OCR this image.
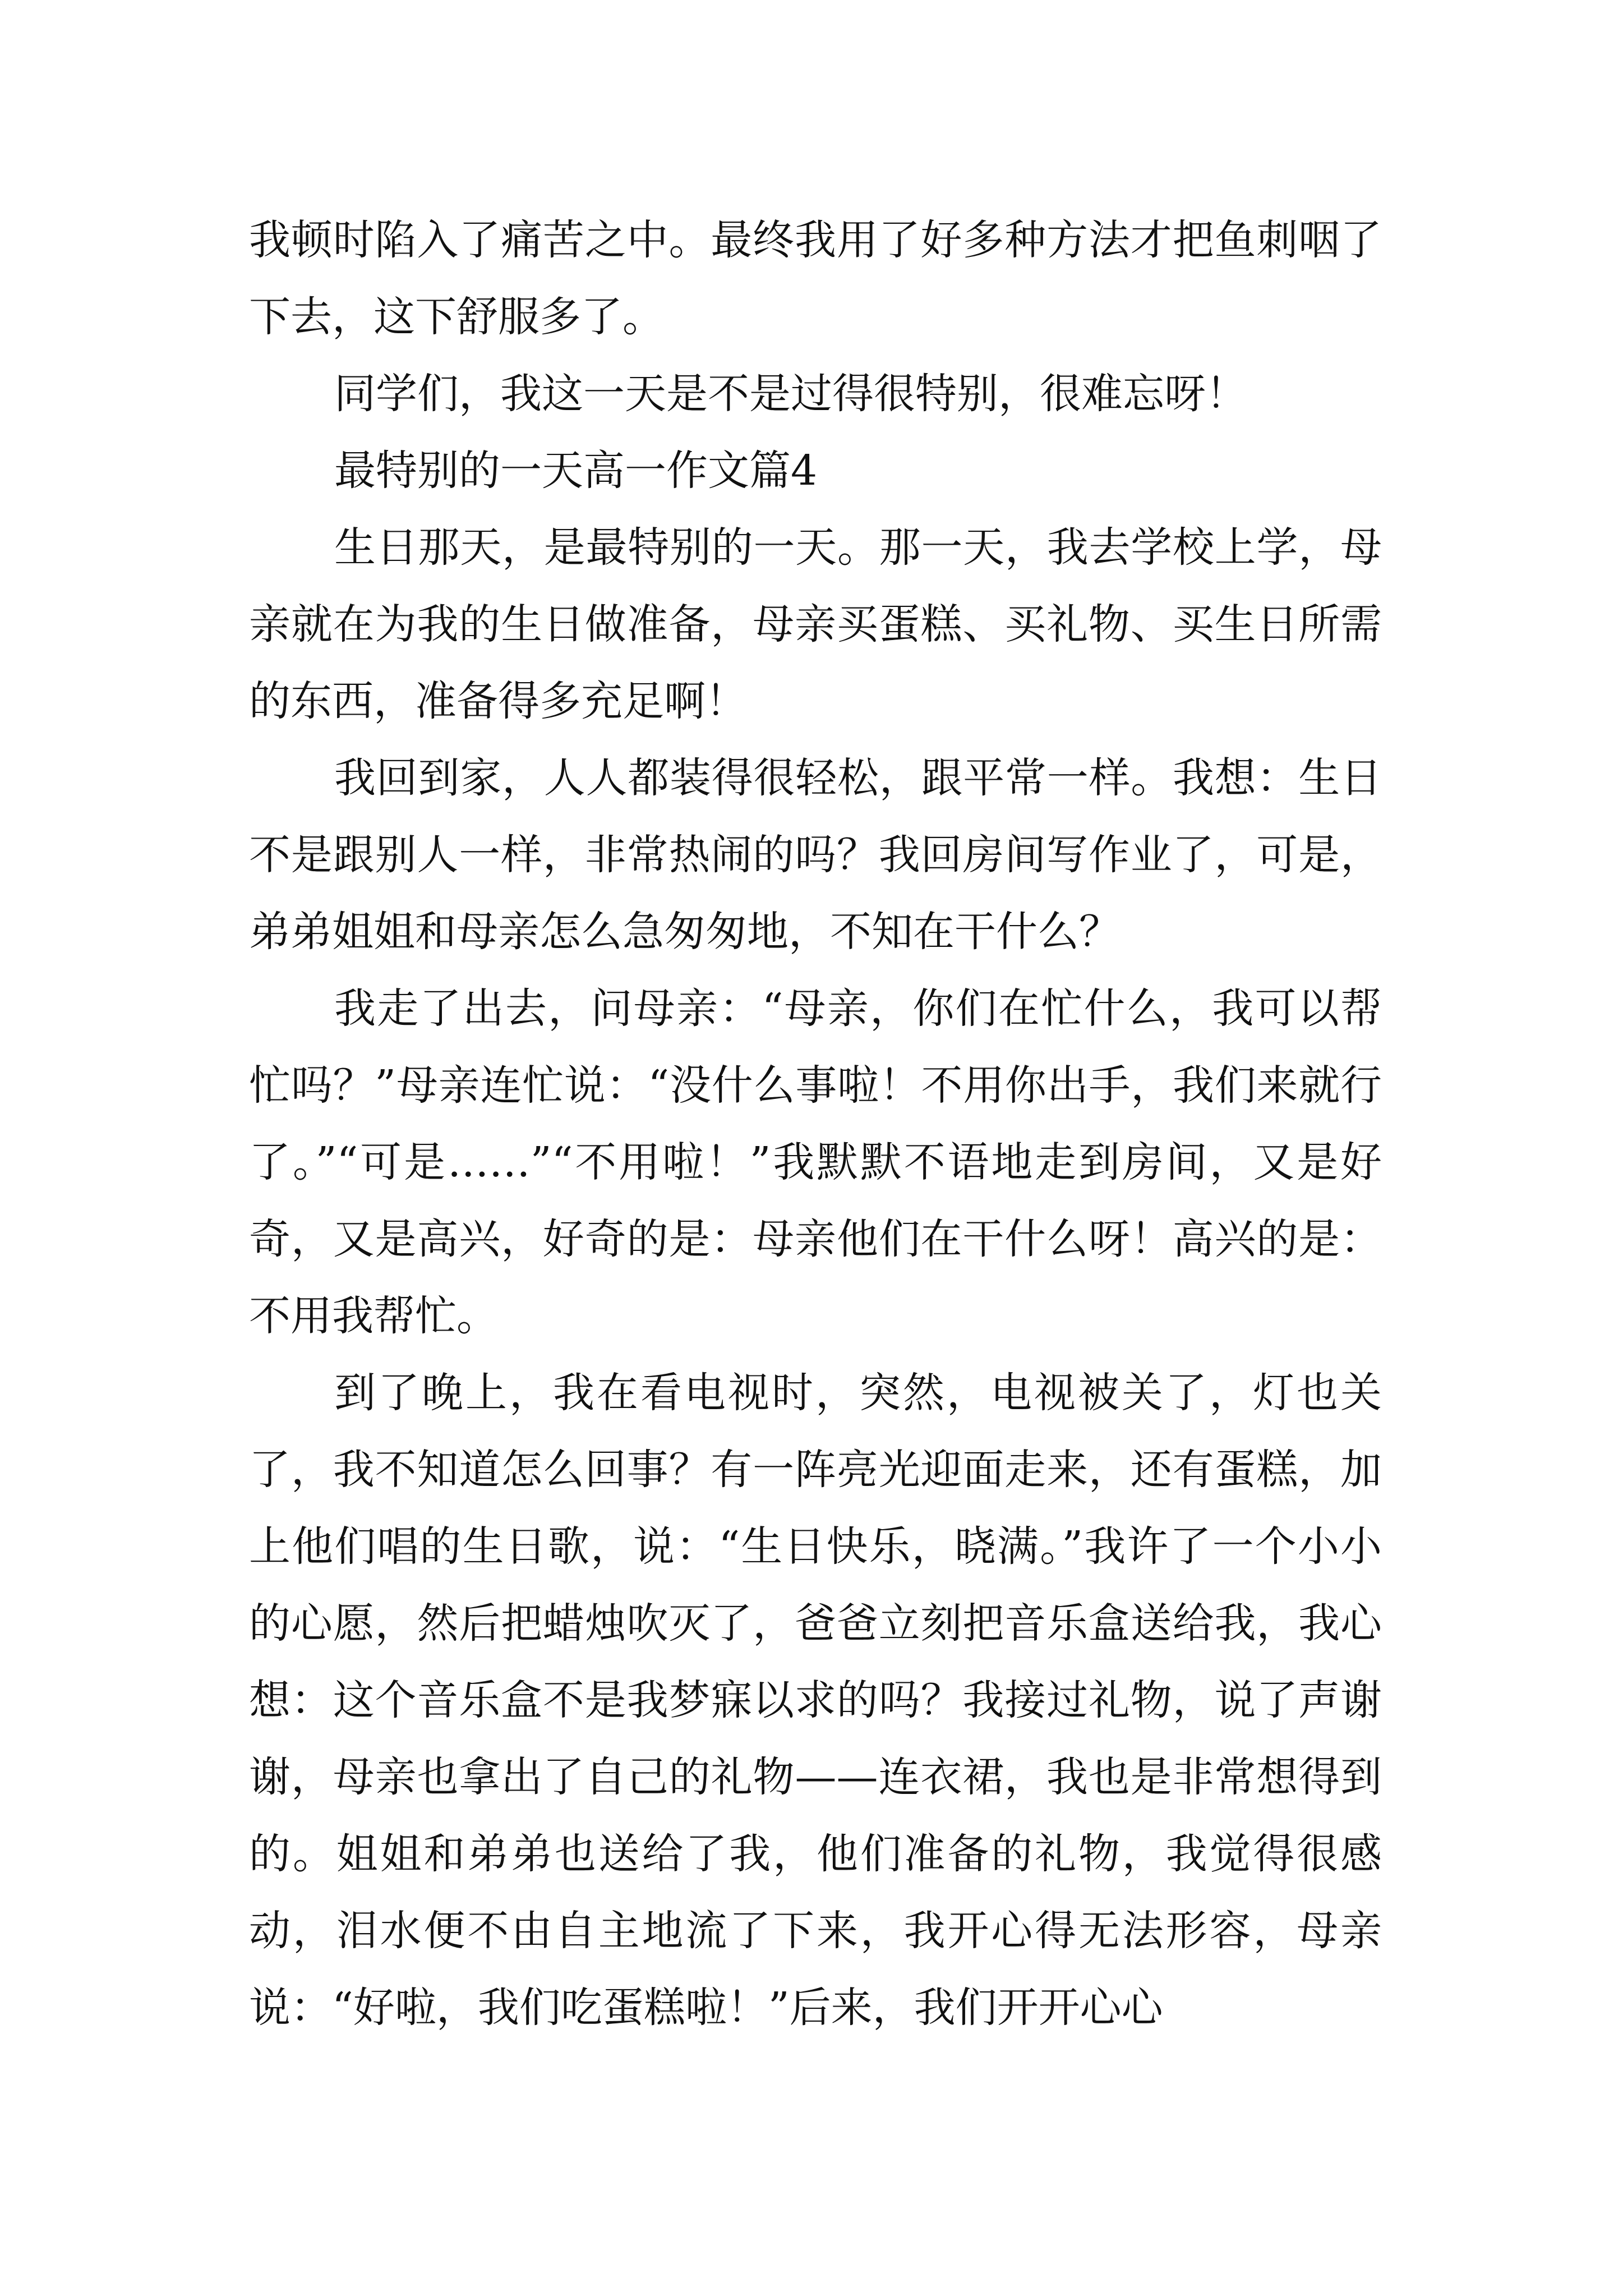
我顿时陷入了痛苦之中。最终我用了好多种方法才把鱼刺咽了下去，这下舒服多了。

同学们，我这一天是不是过得很特别，很难忘呀！

最特别的一天高一作文篇4

生日那天，是最特别的一天。那一天，我去学校上学，母亲就在为我的生日做准备，母亲买蛋糕、买礼物、买生日所需的东西，准备得多充足啊！

我回到家，人人都装得很轻松，跟平常一样。我想：生日不是跟别人一样，非常热闹的吗？我回房间写作业了，可是，弟弟姐姐和母亲怎么急匆匆地，不知在干什么？

我走了出去，问母亲：“母亲，你们在忙什么，我可以帮忙吗？”母亲连忙说：“没什么事啦！不用你出手，我们来就行了。”“可是……”“不用啦！”我默默不语地走到房间，又是好奇，又是高兴，好奇的是：母亲他们在干什么呀！高兴的是：不用我帮忙。

到了晚上，我在看电视时，突然，电视被关了，灯也关了，我不知道怎么回事？有一阵亮光迎面走来，还有蛋糕，加上他们唱的生日歌，说：“生日快乐，晓满。”我许了一个小小的心愿，然后把蜡烛吹灭了，爸爸立刻把音乐盒送给我，我心想：这个音乐盒不是我梦寐以求的吗？我接过礼物，说了声谢谢，母亲也拿出了自己的礼物——连衣裙，我也是非常想得到的。姐姐和弟弟也送给了我，他们准备的礼物，我觉得很感动，泪水便不由自主地流了下来，我开心得无法形容，母亲说：“好啦，我们吃蛋糕啦！”后来，我们开开心心
